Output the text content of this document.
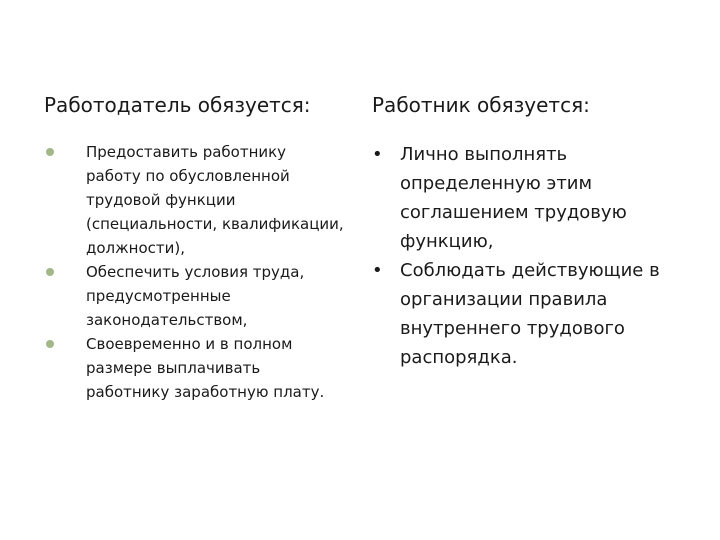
Работодатель обязуется:
Предоставить работнику работу по обусловленной трудовой функции (специальности, квалификации, должности),
Обеспечить условия труда, предусмотренные законодательством,
Своевременно и в полном размере выплачивать работнику заработную плату.
Работник обязуется:
• Лично выполнять определенную этим соглашением трудовую функцию,
• Соблюдать действующие в организации правила внутреннего трудового распорядка.
